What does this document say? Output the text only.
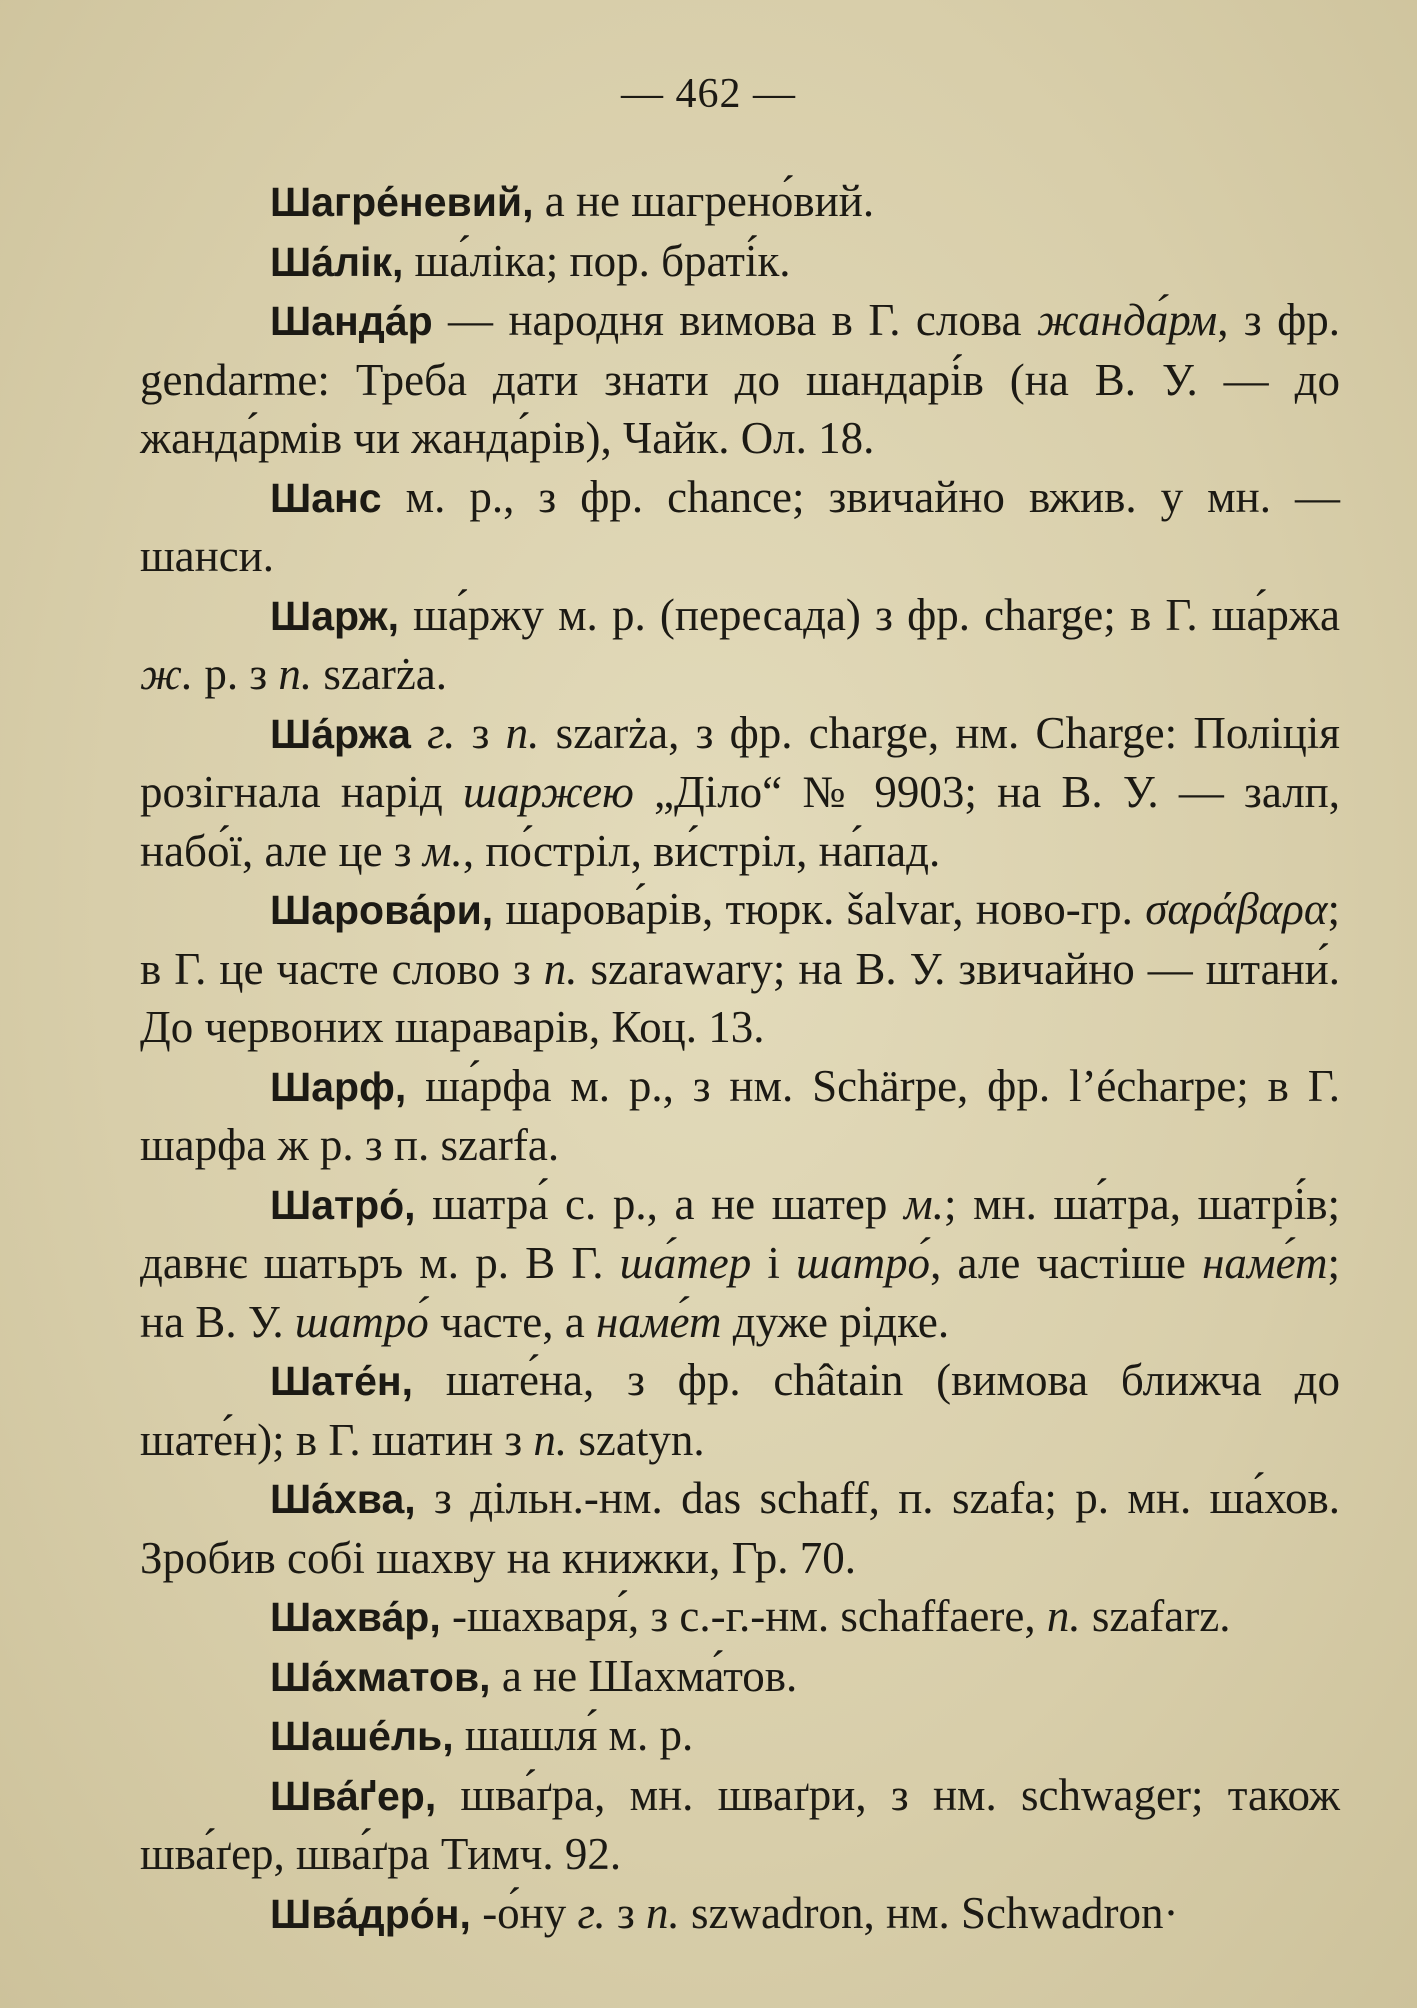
— 462 —

Шагре́невий, а не шагрено́вий.

Ша́лік, ша́ліка; пор. браті́к.

Шанда́р — народня вимова в Г. слова жанда́рм, з фр. gendarme: Треба дати знати до шандарі́в (на В. У. — до жанда́рмів чи жанда́рів), Чайк. Ол. 18.

Шанс м. р., з фр. chance; звичайно вжив. у мн. — шанси.

Шарж, ша́ржу м. р. (пересада) з фр. charge; в Г. ша́ржа ж. р. з п. szarża.

Ша́ржа г. з п. szarża, з фр. charge, нм. Charge: Поліція розігнала нарід шаржею „Діло“ № 9903; на В. У. — залп, набо́ї, але це з м., по́стріл, ви́стріл, на́пад.

Шарова́ри, шарова́рів, тюрк. šalvar, ново-гр. σαράβαρα; в Г. це часте слово з п. szarawary; на В. У. звичайно — штани́. До червоних шараварів, Коц. 13.

Шарф, ша́рфа м. р., з нм. Schärpe, фр. l’écharpe; в Г. шарфа ж р. з п. szarfa.

Шатро́, шатра́ с. р., а не шатер м.; мн. ша́тра, шатрі́в; давнє шатьръ м. р. В Г. ша́тер і шатро́, але частіше наме́т; на В. У. шатро́ часте, а наме́т дуже рідке.

Шате́н, шате́на, з фр. châtain (вимова ближча до шате́н); в Г. шатин з п. szatyn.

Ша́хва, з дільн.-нм. das schaff, п. szafa; р. мн. ша́хов. Зробив собі шахву на книжки, Гр. 70.

Шахва́р, -шахваря́, з с.-г.-нм. schaffaere, п. szafarz.

Ша́хматов, а не Шахма́тов.

Шаше́ль, шашля́ м. р.

Шва́ґер, шва́ґра, мн. шваґри, з нм. schwager; також шва́ґер, шва́ґра Тимч. 92.

Шва́дро́н, -о́ну г. з п. szwadron, нм. Schwadron·
